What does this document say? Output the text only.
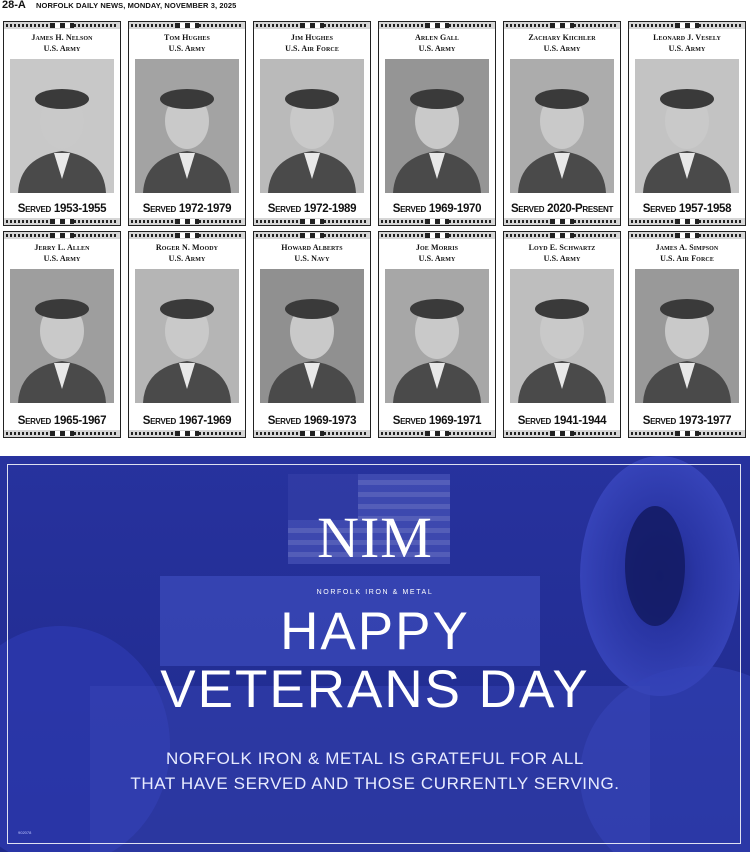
28-A NORFOLK DAILY NEWS, MONDAY, NOVEMBER 3, 2025
James H. Nelson
U.S. Army
Served 1953-1955
Tom Hughes
U.S. Army
Served 1972-1979
Jim Hughes
U.S. Air Force
Served 1972-1989
Arlen Gall
U.S. Army
Served 1969-1970
Zachary Kiichler
U.S. Army
Served 2020-Present
Leonard J. Vesely
U.S. Army
Served 1957-1958
Jerry L. Allen
U.S. Army
Served 1965-1967
Roger N. Moody
U.S. Army
Served 1967-1969
Howard Alberts
U.S. Navy
Served 1969-1973
Joe Morris
U.S. Army
Served 1969-1971
Loyd E. Schwartz
U.S. Army
Served 1941-1944
James A. Simpson
U.S. Air Force
Served 1973-1977
NIM
NORFOLK IRON & METAL
HAPPY
VETERANS DAY
NORFOLK IRON & METAL IS GRATEFUL FOR ALL
THAT HAVE SERVED AND THOSE CURRENTLY SERVING.
902078
